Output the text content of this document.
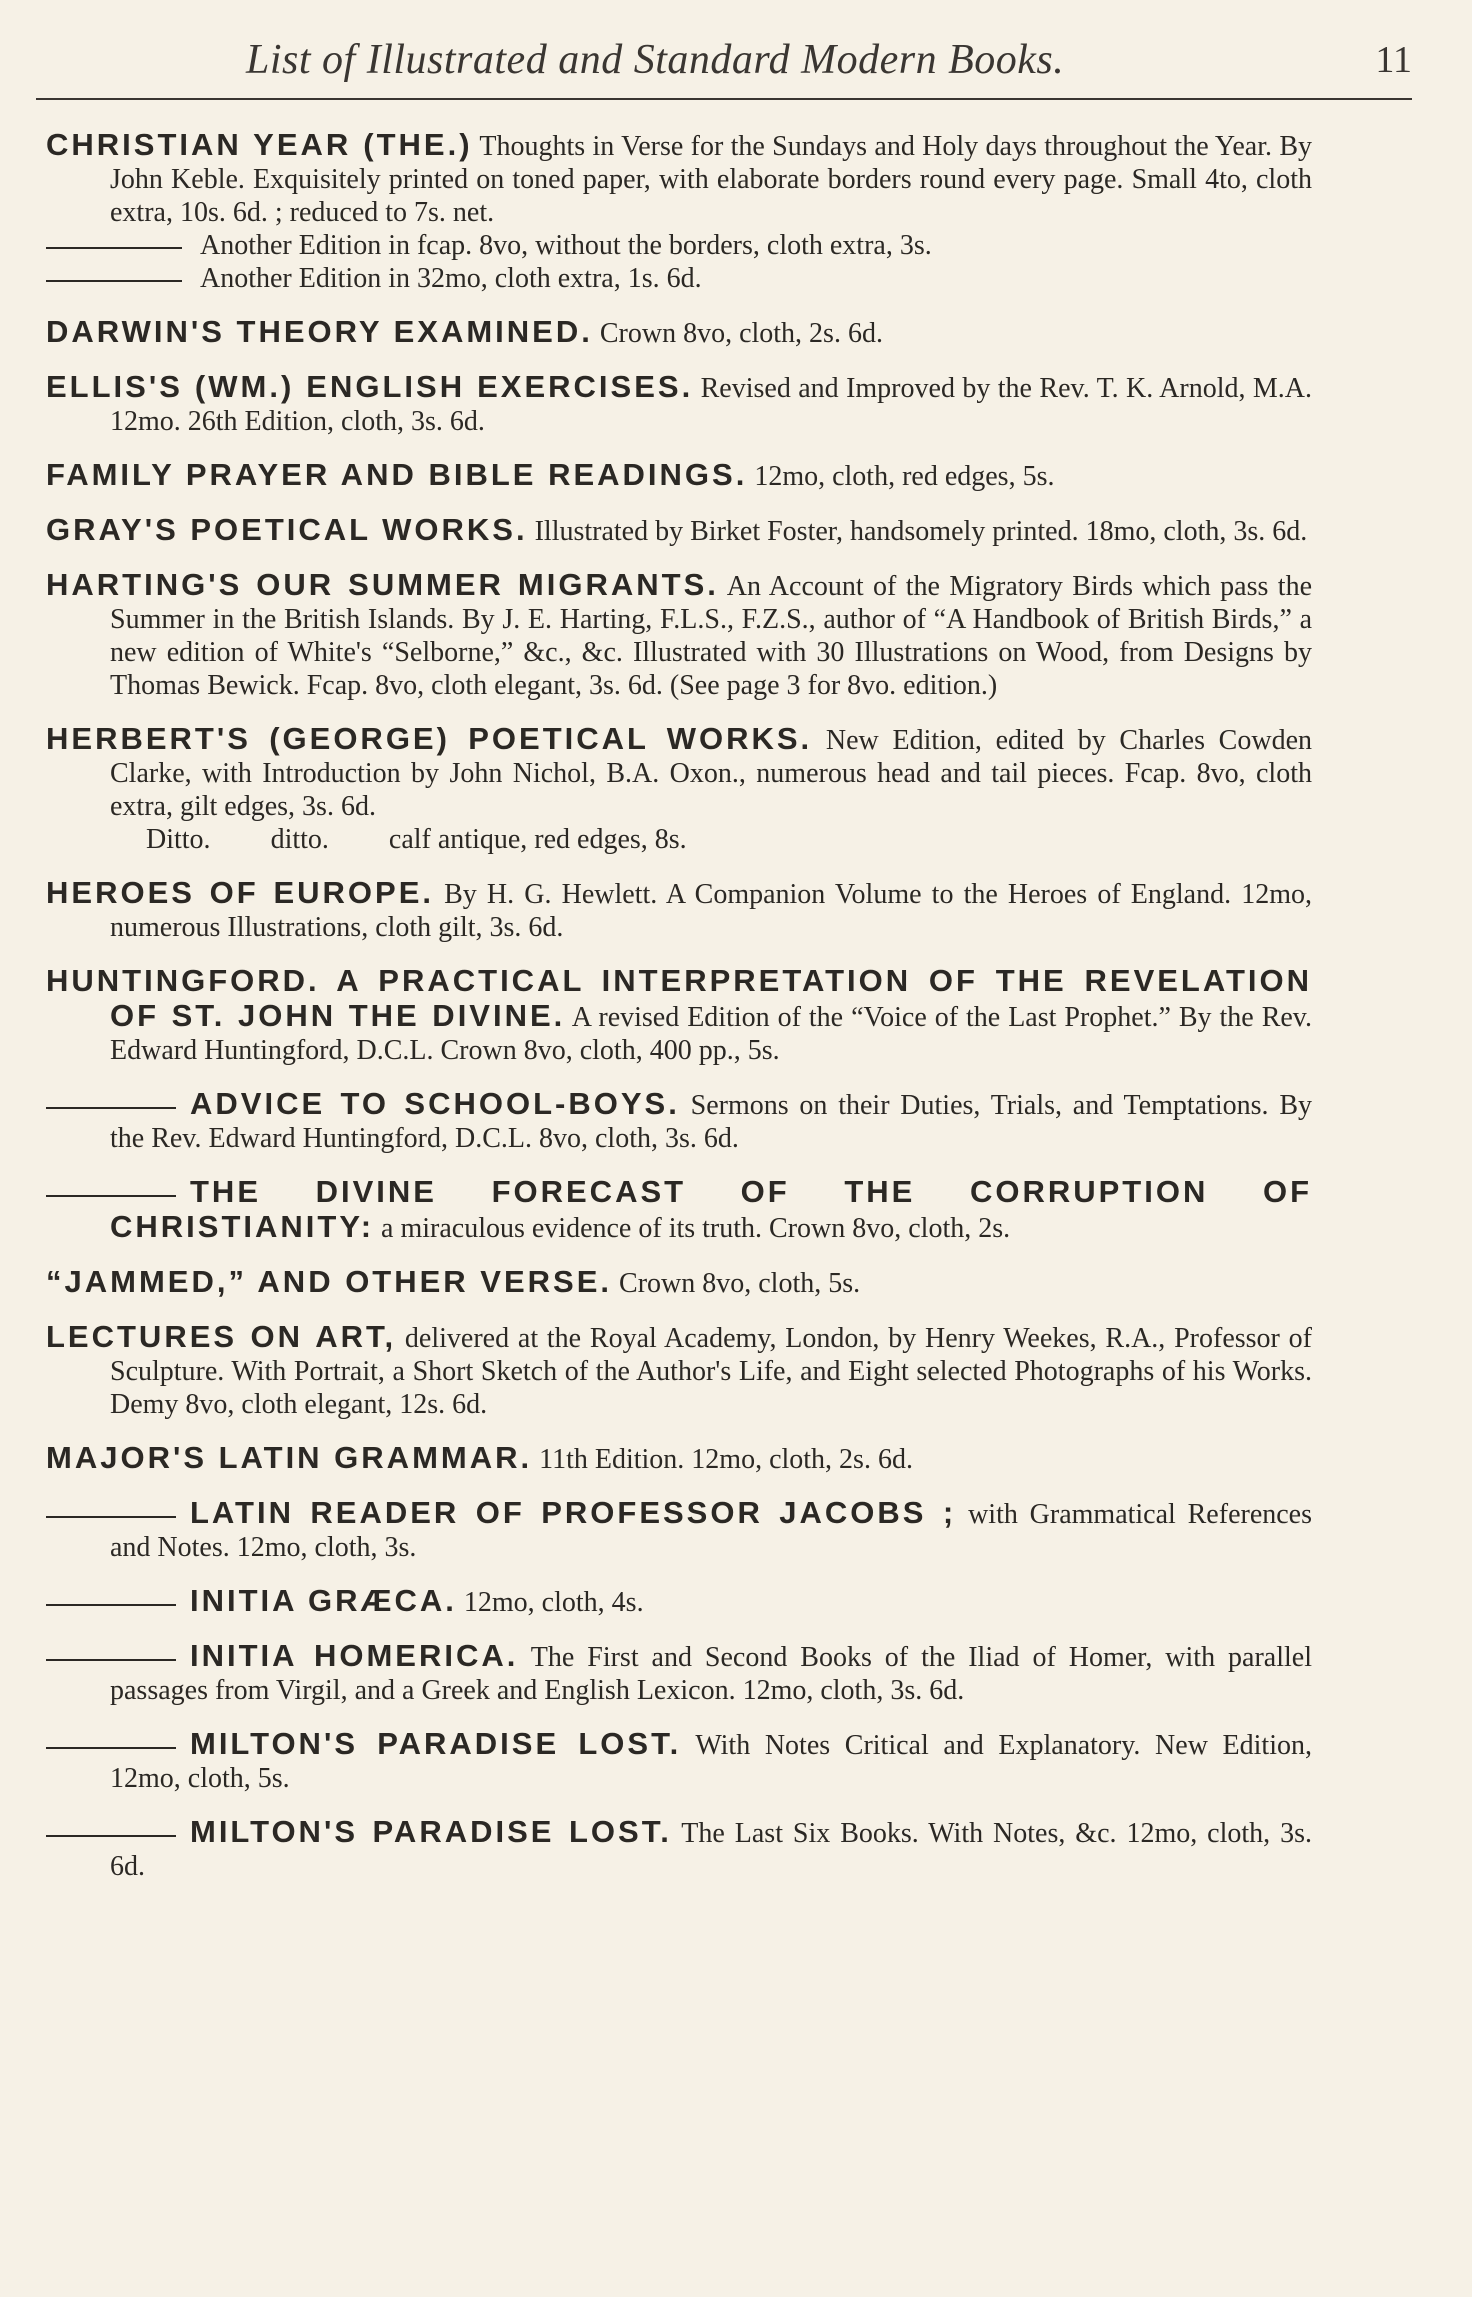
List of Illustrated and Standard Modern Books.	11
CHRISTIAN YEAR (THE.) Thoughts in Verse for the Sundays and Holy days throughout the Year. By John Keble. Exquisitely printed on toned paper, with elaborate borders round every page. Small 4to, cloth extra, 10s. 6d. ; reduced to 7s. net.
Another Edition in fcap. 8vo, without the borders, cloth extra, 3s.
Another Edition in 32mo, cloth extra, 1s. 6d.
DARWIN'S THEORY EXAMINED. Crown 8vo, cloth, 2s. 6d.
ELLIS'S (WM.) ENGLISH EXERCISES. Revised and Improved by the Rev. T. K. Arnold, M.A. 12mo. 26th Edition, cloth, 3s. 6d.
FAMILY PRAYER AND BIBLE READINGS. 12mo, cloth, red edges, 5s.
GRAY'S POETICAL WORKS. Illustrated by Birket Foster, handsomely printed. 18mo, cloth, 3s. 6d.
HARTING'S OUR SUMMER MIGRANTS. An Account of the Migratory Birds which pass the Summer in the British Islands. By J. E. Harting, F.L.S., F.Z.S., author of “A Handbook of British Birds,” a new edition of White's “Selborne,” &c., &c. Illustrated with 30 Illustrations on Wood, from Designs by Thomas Bewick. Fcap. 8vo, cloth elegant, 3s. 6d. (See page 3 for 8vo. edition.)
HERBERT'S (GEORGE) POETICAL WORKS. New Edition, edited by Charles Cowden Clarke, with Introduction by John Nichol, B.A. Oxon., numerous head and tail pieces. Fcap. 8vo, cloth extra, gilt edges, 3s. 6d.
Ditto. ditto. calf antique, red edges, 8s.
HEROES OF EUROPE. By H. G. Hewlett. A Companion Volume to the Heroes of England. 12mo, numerous Illustrations, cloth gilt, 3s. 6d.
HUNTINGFORD. A PRACTICAL INTERPRETATION OF THE REVELATION OF ST. JOHN THE DIVINE. A revised Edition of the “Voice of the Last Prophet.” By the Rev. Edward Huntingford, D.C.L. Crown 8vo, cloth, 400 pp., 5s.
ADVICE TO SCHOOL-BOYS. Sermons on their Duties, Trials, and Temptations. By the Rev. Edward Huntingford, D.C.L. 8vo, cloth, 3s. 6d.
THE DIVINE FORECAST OF THE CORRUPTION OF CHRISTIANITY: a miraculous evidence of its truth. Crown 8vo, cloth, 2s.
“JAMMED,” AND OTHER VERSE. Crown 8vo, cloth, 5s.
LECTURES ON ART, delivered at the Royal Academy, London, by Henry Weekes, R.A., Professor of Sculpture. With Portrait, a Short Sketch of the Author's Life, and Eight selected Photographs of his Works. Demy 8vo, cloth elegant, 12s. 6d.
MAJOR'S LATIN GRAMMAR. 11th Edition. 12mo, cloth, 2s. 6d.
LATIN READER OF PROFESSOR JACOBS ; with Grammatical References and Notes. 12mo, cloth, 3s.
INITIA GRÆCA. 12mo, cloth, 4s.
INITIA HOMERICA. The First and Second Books of the Iliad of Homer, with parallel passages from Virgil, and a Greek and English Lexicon. 12mo, cloth, 3s. 6d.
MILTON'S PARADISE LOST. With Notes Critical and Explanatory. New Edition, 12mo, cloth, 5s.
MILTON'S PARADISE LOST. The Last Six Books. With Notes, &c. 12mo, cloth, 3s. 6d.
